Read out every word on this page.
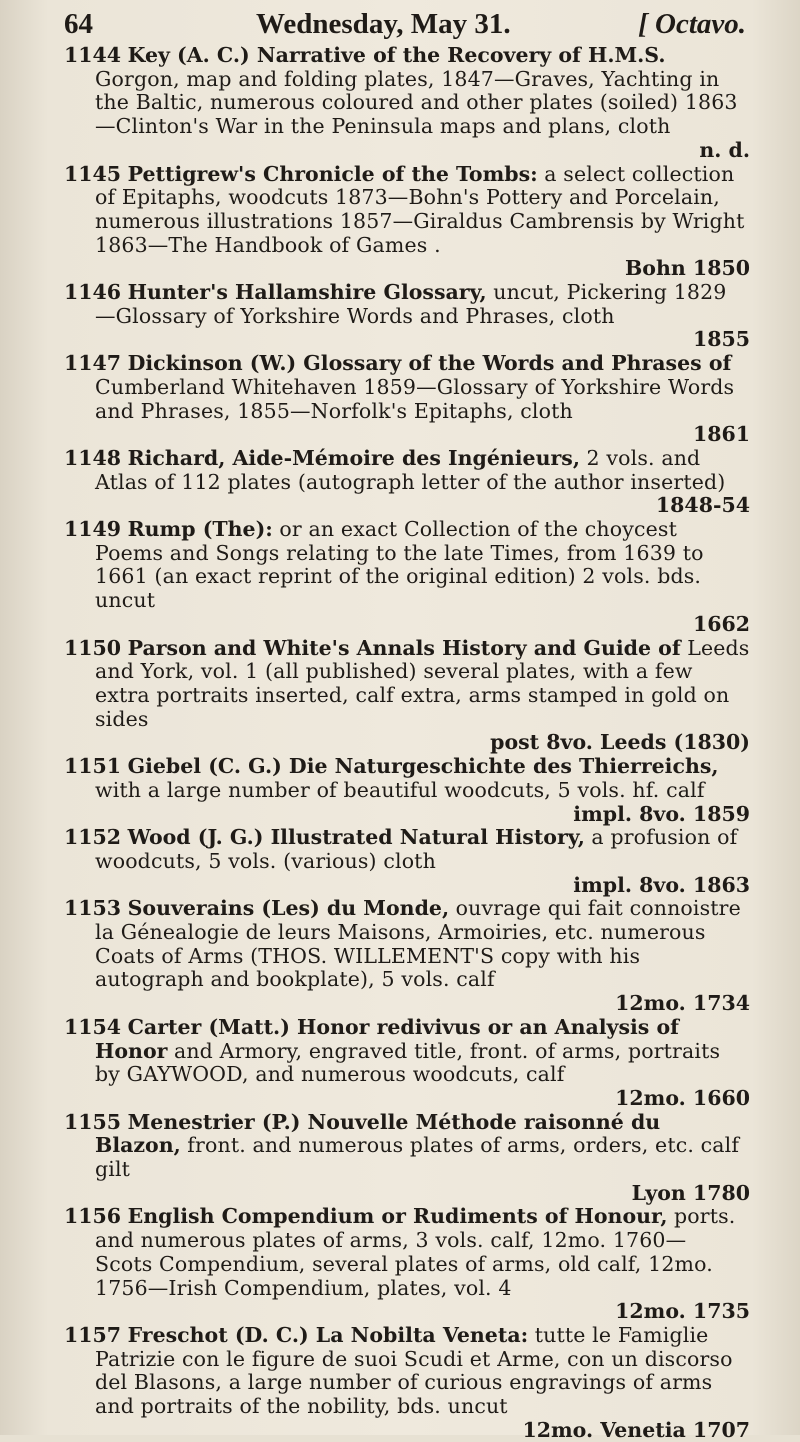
64	Wednesday, May 31.	[ Octavo.

1144 Key (A. C.) Narrative of the Recovery of H.M.S. Gorgon, map and folding plates, 1847—Graves, Yachting in the Baltic, numerous coloured and other plates (soiled) 1863—Clinton's War in the Peninsula maps and plans, cloth
n. d.

1145 Pettigrew's Chronicle of the Tombs: a select collection of Epitaphs, woodcuts 1873—Bohn's Pottery and Porcelain, numerous illustrations 1857—Giraldus Cambrensis by Wright 1863—The Handbook of Games .
Bohn 1850

1146 Hunter's Hallamshire Glossary, uncut, Pickering 1829 —Glossary of Yorkshire Words and Phrases, cloth
1855

1147 Dickinson (W.) Glossary of the Words and Phrases of Cumberland Whitehaven 1859—Glossary of Yorkshire Words and Phrases, 1855—Norfolk's Epitaphs, cloth
1861

1148 Richard, Aide-Mémoire des Ingénieurs, 2 vols. and Atlas of 112 plates (autograph letter of the author inserted)
1848-54

1149 Rump (The): or an exact Collection of the choycest Poems and Songs relating to the late Times, from 1639 to 1661 (an exact reprint of the original edition) 2 vols. bds. uncut
1662

1150 Parson and White's Annals History and Guide of Leeds and York, vol. 1 (all published) several plates, with a few extra portraits inserted, calf extra, arms stamped in gold on sides
post 8vo. Leeds (1830)

1151 Giebel (C. G.) Die Naturgeschichte des Thierreichs, with a large number of beautiful woodcuts, 5 vols. hf. calf
impl. 8vo. 1859

1152 Wood (J. G.) Illustrated Natural History, a profusion of woodcuts, 5 vols. (various) cloth
impl. 8vo. 1863

1153 Souverains (Les) du Monde, ouvrage qui fait connoistre la Génealogie de leurs Maisons, Armoiries, etc. numerous Coats of Arms (THOS. WILLEMENT'S copy with his autograph and bookplate), 5 vols. calf
12mo. 1734

1154 Carter (Matt.) Honor redivivus or an Analysis of Honor and Armory, engraved title, front. of arms, portraits by GAYWOOD, and numerous woodcuts, calf
12mo. 1660

1155 Menestrier (P.) Nouvelle Méthode raisonné du Blazon, front. and numerous plates of arms, orders, etc. calf gilt
Lyon 1780

1156 English Compendium or Rudiments of Honour, ports. and numerous plates of arms, 3 vols. calf, 12mo. 1760— Scots Compendium, several plates of arms, old calf, 12mo. 1756—Irish Compendium, plates, vol. 4
12mo. 1735

1157 Freschot (D. C.) La Nobilta Veneta: tutte le Famiglie Patrizie con le figure de suoi Scudi et Arme, con un discorso del Blasons, a large number of curious engravings of arms and portraits of the nobility, bds. uncut
12mo. Venetia 1707
